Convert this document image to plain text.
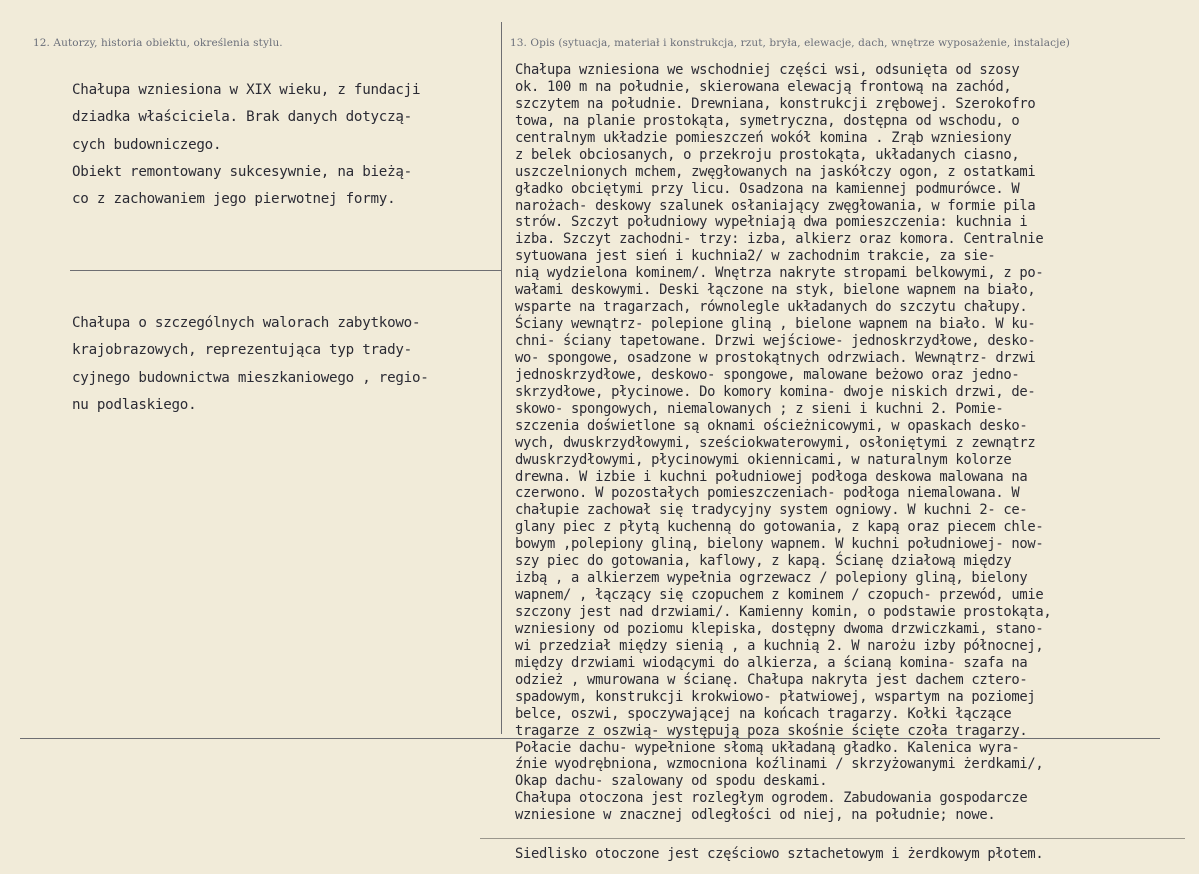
12. Autorzy, historia obiektu, określenia stylu.	13. Opis (sytuacja, materiał i konstrukcja, rzut, bryła, elewacje, dach, wnętrze wyposażenie, instalacje)
Chałupa wzniesiona w XIX wieku, z fundacji
dziadka właściciela. Brak danych dotyczą-
cych budowniczego.
Obiekt remontowany sukcesywnie, na bieżą-
co z zachowaniem jego pierwotnej formy.
Chałupa o szczególnych walorach zabytkowo-
krajobrazowych, reprezentująca typ trady-
cyjnego budownictwa mieszkaniowego , regio-
nu podlaskiego.
Chałupa wzniesiona we wschodniej części wsi, odsunięta od szosy
ok. 100 m na południe, skierowana elewacją frontową na zachód,
szczytem na południe. Drewniana, konstrukcji zrębowej. Szerokofro
towa, na planie prostokąta, symetryczna, dostępna od wschodu, o
centralnym układzie pomieszczeń wokół komina . Zrąb wzniesiony
z belek obciosanych, o przekroju prostokąta, układanych ciasno,
uszczelnionych mchem, zwęgłowanych na jaskółczy ogon, z ostatkami
gładko obciętymi przy licu. Osadzona na kamiennej podmurówce. W
narożach- deskowy szalunek osłaniający zwęgłowania, w formie pila
strów. Szczyt południowy wypełniają dwa pomieszczenia: kuchnia i
izba. Szczyt zachodni- trzy: izba, alkierz oraz komora. Centralnie
sytuowana jest sień i kuchnia2/ w zachodnim trakcie, za sie-
nią wydzielona kominem/. Wnętrza nakryte stropami belkowymi, z po-
wałami deskowymi. Deski łączone na styk, bielone wapnem na biało,
wsparte na tragarzach, równolegle układanych do szczytu chałupy.
Ściany wewnątrz- polepione gliną , bielone wapnem na biało. W ku-
chni- ściany tapetowane. Drzwi wejściowe- jednoskrzydłowe, desko-
wo- spongowe, osadzone w prostokątnych odrzwiach. Wewnątrz- drzwi
jednoskrzydłowe, deskowo- spongowe, malowane beżowo oraz jedno-
skrzydłowe, płycinowe. Do komory komina- dwoje niskich drzwi, de-
skowo- spongowych, niemalowanych ; z sieni i kuchni 2. Pomie-
szczenia doświetlone są oknami ościeżnicowymi, w opaskach desko-
wych, dwuskrzydłowymi, sześciokwaterowymi, osłoniętymi z zewnątrz
dwuskrzydłowymi, płycinowymi okiennicami, w naturalnym kolorze
drewna. W izbie i kuchni południowej podłoga deskowa malowana na
czerwono. W pozostałych pomieszczeniach- podłoga niemalowana. W
chałupie zachował się tradycyjny system ogniowy. W kuchni 2- ce-
glany piec z płytą kuchenną do gotowania, z kapą oraz piecem chle-
bowym ,polepiony gliną, bielony wapnem. W kuchni południowej- now-
szy piec do gotowania, kaflowy, z kapą. Ścianę działową między
izbą , a alkierzem wypełnia ogrzewacz / polepiony gliną, bielony
wapnem/ , łączący się czopuchem z kominem / czopuch- przewód, umie
szczony jest nad drzwiami/. Kamienny komin, o podstawie prostokąta,
wzniesiony od poziomu klepiska, dostępny dwoma drzwiczkami, stano-
wi przedział między sienią , a kuchnią 2. W narożu izby północnej,
między drzwiami wiodącymi do alkierza, a ścianą komina- szafa na
odzież , wmurowana w ścianę. Chałupa nakryta jest dachem cztero-
spadowym, konstrukcji krokwiowo- płatwiowej, wspartym na poziomej
belce, oszwi, spoczywającej na końcach tragarzy. Kołki łączące
tragarze z oszwią- występują poza skośnie ścięte czoła tragarzy.
Połacie dachu- wypełnione słomą układaną gładko. Kalenica wyra-
źnie wyodrębniona, wzmocniona koźlinami / skrzyżowanymi żerdkami/,
Okap dachu- szalowany od spodu deskami.
Chałupa otoczona jest rozległym ogrodem. Zabudowania gospodarcze
wzniesione w znacznej odległości od niej, na południe; nowe.
Siedlisko otoczone jest częściowo sztachetowym i żerdkowym płotem.
